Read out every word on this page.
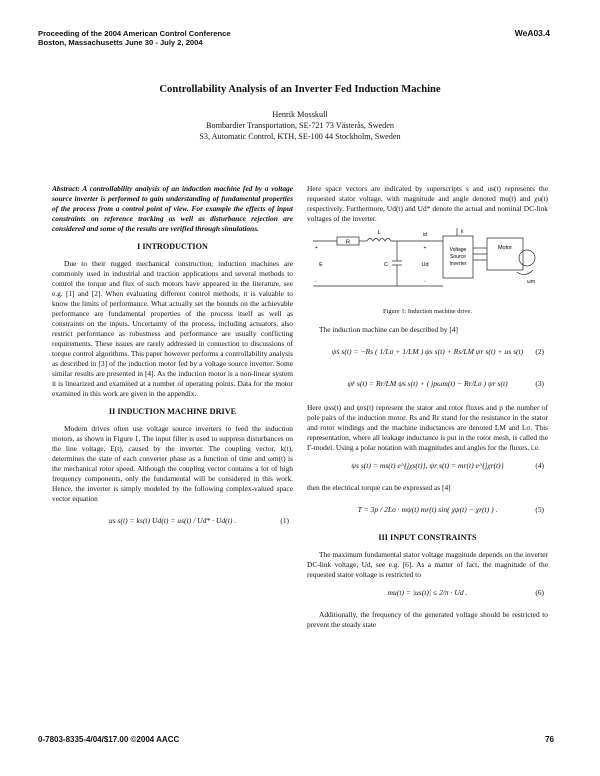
Proceeding of the 2004 American Control Conference
Boston, Massachusetts June 30 - July 2, 2004
WeA03.4
Controllability Analysis of an Inverter Fed Induction Machine
Henrik Mosskull
Bombardier Transportation, SE-721 73 Västerås, Sweden
S3, Automatic Control, KTH, SE-100 44 Stockholm, Sweden

Abstract: A controllability analysis of an induction machine fed by a voltage source inverter is performed to gain understanding of fundamental properties of the process from a control point of view. For example the effects of input constraints on reference tracking as well as disturbance rejection are considered and some of the results are verified through simulations.

I INTRODUCTION

Due to their rugged mechanical construction, induction machines are commonly used in industrial and traction applications and several methods to control the torque and flux of such motors have appeared in the literature, see e.g. [1] and [2]. When evaluating different control methods, it is valuable to know the limits of performance. What actually set the bounds on the achievable performance are fundamental properties of the process itself as well as constraints on the inputs. Uncertainty of the process, including actuators, also restrict performance as robustness and performance are usually conflicting requirements. These issues are rarely addressed in connection to discussions of torque control algorithms. This paper however performs a controllability analysis as described in [3] of the induction motor fed by a voltage source inverter. Some similar results are presented in [4]. As the induction motor is a non-linear system it is linearized and examined at a number of operating points. Data for the motor examined in this work are given in the appendix.

II INDUCTION MACHINE DRIVE

Modern drives often use voltage source inverters to feed the induction motors, as shown in Figure 1. The input filter is used to suppress disturbances on the line voltage, E(t), caused by the inverter. The coupling vector, k(t), determines the state of each converter phase as a function of time and ωm(t) is the mechanical rotor speed. Although the coupling vector contains a lot of high frequency components, only the fundamental will be considered in this work. Hence, the inverter is simply modeled by the following complex-valued space vector equation

us s(t) = ks(t) Ud(t) = us(t) / Ud* · Ud(t) .	(1)

Here space vectors are indicated by superscripts s and us(t) represents the requested stator voltage, with magnitude and angle denoted mu(t) and χu(t) respectively. Furthermore, Ud(t) and Ud* denote the actual and nominal DC-link voltages of the inverter.

R
L
C
E
+
-
Ud
+
-
id	k
Voltage
Source
Inverter
Motor
ωm

Figure 1: Induction machine drive.

The induction machine can be described by [4]

ψ̇s s(t) = −Rs ( 1/Lσ + 1/LM ) ψs s(t) + Rs/LM ψr s(t) + us s(t) (2)
ψ̇r s(t) = Rr/LM ψs s(t) + ( jpωm(t) − Rr/Lσ ) ψr s(t)	(3)

Here ψss(t) and ψrs(t) represent the stator and rotor fluxes and p the number of pole pairs of the induction motor. Rs and Rr stand for the resistance in the stator and rotor windings and the machine inductances are denoted LM and Lσ. This representation, where all leakage inductance is put in the rotor mesh, is called the Γ-model. Using a polar notation with magnitudes and angles for the fluxes, i.e.

ψs s(t) = ms(t) e^{jχs(t)}, ψr s(t) = mr(t) e^{jχr(t)}	(4)

then the electrical torque can be expressed as [4]

T = 3p / 2Lσ · mψ(t) mr(t) sin( χψ(t) − χr(t) ) .	(5)

III INPUT CONSTRAINTS

The maximum fundamental stator voltage magnitude depends on the inverter DC-link voltage, Ud, see e.g. [6]. As a matter of fact, the magnitude of the requested stator voltage is restricted to

mu(t) = |us(t)| ≤ 2/π · Ud .	(6)

Additionally, the frequency of the generated voltage should be restricted to prevent the steady state

0-7803-8335-4/04/$17.00 ©2004 AACC	76
